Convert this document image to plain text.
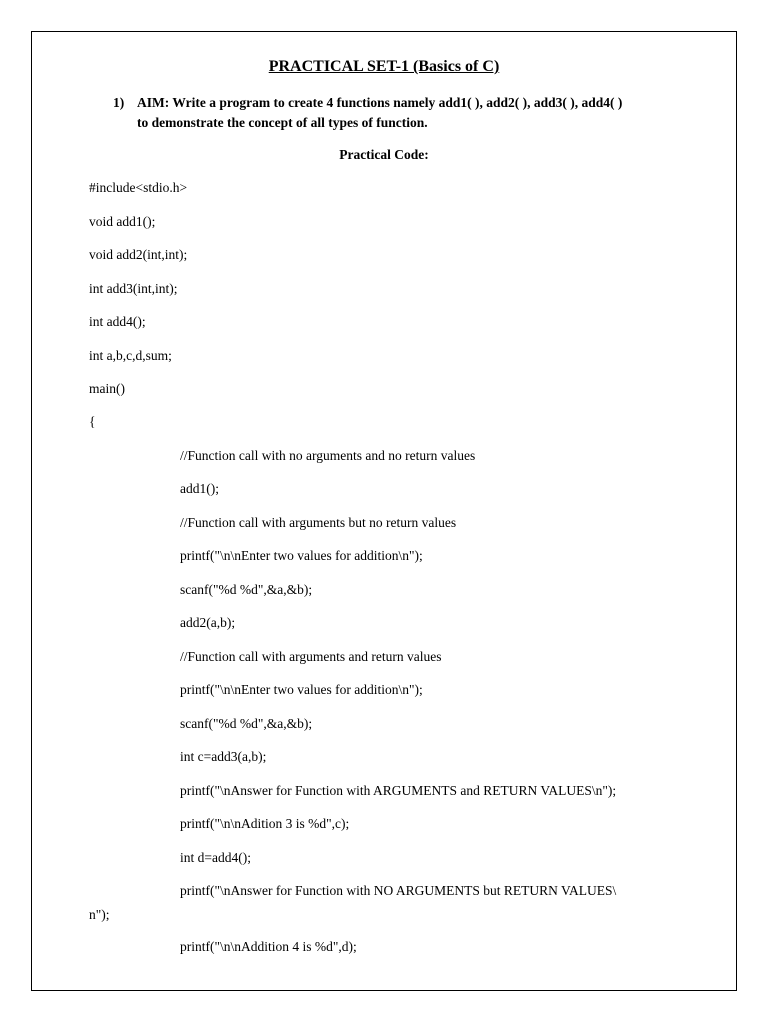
PRACTICAL SET-1 (Basics of C)
1) AIM: Write a program to create 4 functions namely add1( ), add2( ), add3( ), add4( )
to demonstrate the concept of all types of function.
Practical Code:
#include<stdio.h>
void add1();
void add2(int,int);
int add3(int,int);
int add4();
int a,b,c,d,sum;
main()
{
//Function call with no arguments and no return values
add1();
//Function call with arguments but no return values
printf("\n\nEnter two values for addition\n");
scanf("%d %d",&a,&b);
add2(a,b);
//Function call with arguments and return values
printf("\n\nEnter two values for addition\n");
scanf("%d %d",&a,&b);
int c=add3(a,b);
printf("\nAnswer for Function with ARGUMENTS and RETURN VALUES\n");
printf("\n\nAdition 3 is %d",c);
int d=add4();
printf("\nAnswer for Function with NO ARGUMENTS but RETURN VALUES\
n");
printf("\n\nAddition 4 is %d",d);
